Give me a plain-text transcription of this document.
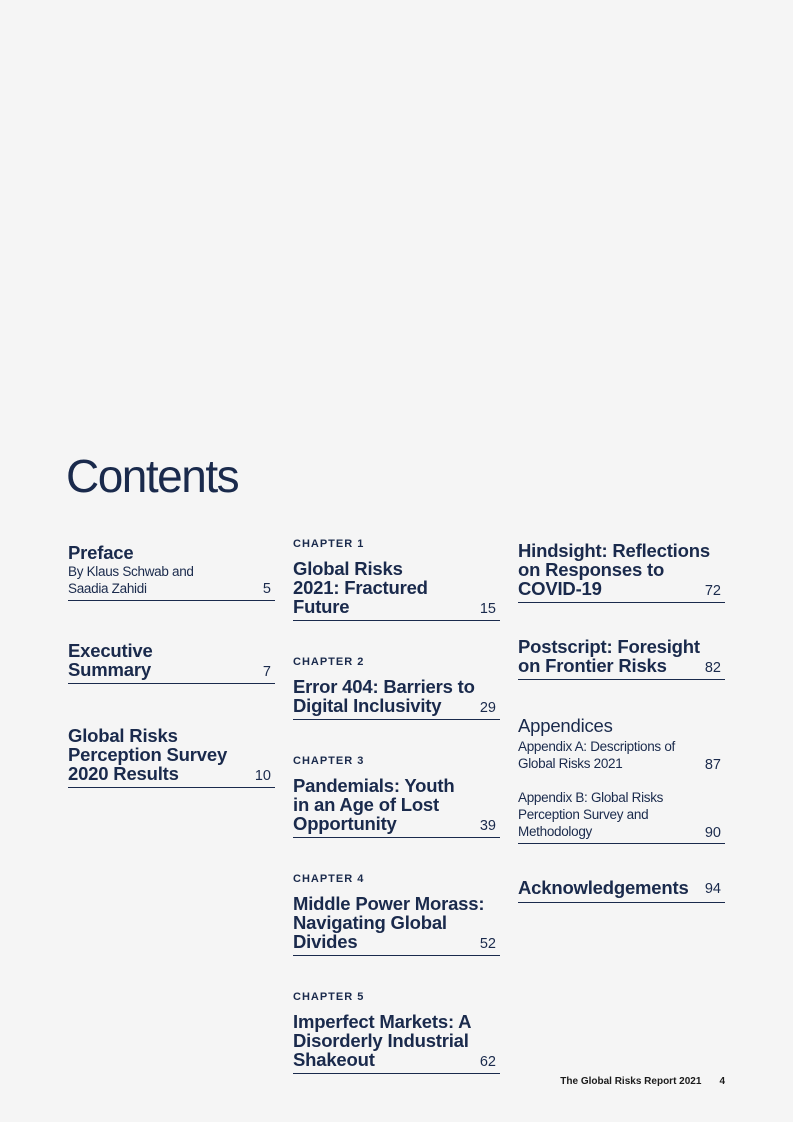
Contents
Preface
By Klaus Schwab and Saadia Zahidi	5
Executive Summary	7
Global Risks Perception Survey 2020 Results	10
CHAPTER 1
Global Risks 2021: Fractured Future	15
CHAPTER 2
Error 404: Barriers to Digital Inclusivity	29
CHAPTER 3
Pandemials: Youth in an Age of Lost Opportunity	39
CHAPTER 4
Middle Power Morass: Navigating Global Divides	52
CHAPTER 5
Imperfect Markets: A Disorderly Industrial Shakeout	62
Hindsight: Reflections on Responses to COVID-19	72
Postscript: Foresight on Frontier Risks	82
Appendices
Appendix A: Descriptions of Global Risks 2021	87
Appendix B: Global Risks Perception Survey and Methodology	90
Acknowledgements	94
The Global Risks Report 2021 4
